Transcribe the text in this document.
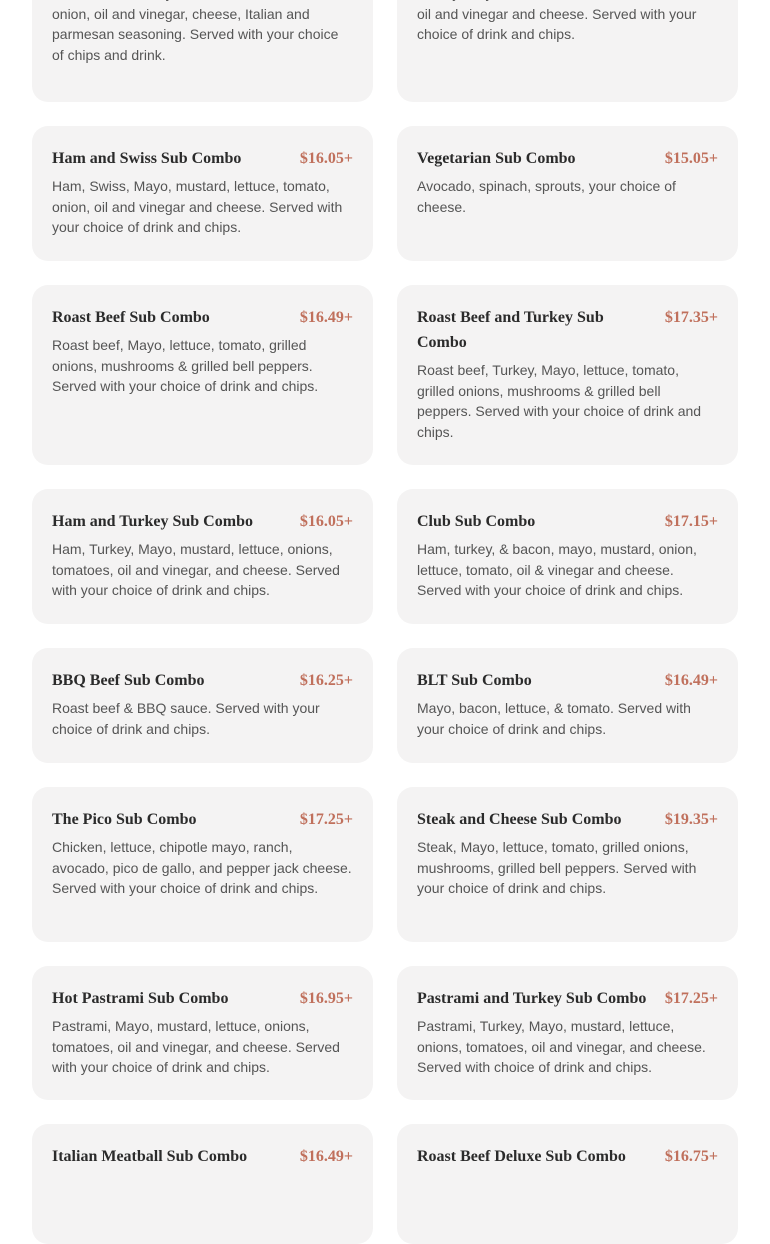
onion, oil and vinegar, cheese, Italian and parmesan seasoning. Served with your choice of chips and drink.

oil and vinegar and cheese. Served with your choice of drink and chips.

Ham and Swiss Sub Combo	$16.05+

Ham, Swiss, Mayo, mustard, lettuce, tomato, onion, oil and vinegar and cheese. Served with your choice of drink and chips.

Vegetarian Sub Combo	$15.05+

Avocado, spinach, sprouts, your choice of cheese.

Roast Beef Sub Combo	$16.49+

Roast beef, Mayo, lettuce, tomato, grilled onions, mushrooms & grilled bell peppers. Served with your choice of drink and chips.

Roast Beef and Turkey Sub Combo
$17.35+

Roast beef, Turkey, Mayo, lettuce, tomato, grilled onions, mushrooms & grilled bell peppers. Served with your choice of drink and chips.

Ham and Turkey Sub Combo	$16.05+

Ham, Turkey, Mayo, mustard, lettuce, onions, tomatoes, oil and vinegar, and cheese. Served with your choice of drink and chips.

Club Sub Combo	$17.15+

Ham, turkey, & bacon, mayo, mustard, onion, lettuce, tomato, oil & vinegar and cheese. Served with your choice of drink and chips.

BBQ Beef Sub Combo	$16.25+

Roast beef & BBQ sauce. Served with your choice of drink and chips.

BLT Sub Combo	$16.49+

Mayo, bacon, lettuce, & tomato. Served with your choice of drink and chips.

The Pico Sub Combo	$17.25+

Chicken, lettuce, chipotle mayo, ranch, avocado, pico de gallo, and pepper jack cheese. Served with your choice of drink and chips.

Steak and Cheese Sub Combo	$19.35+

Steak, Mayo, lettuce, tomato, grilled onions, mushrooms, grilled bell peppers. Served with your choice of drink and chips.

Hot Pastrami Sub Combo	$16.95+

Pastrami, Mayo, mustard, lettuce, onions, tomatoes, oil and vinegar, and cheese. Served with your choice of drink and chips.

Pastrami and Turkey Sub Combo $17.25+

Pastrami, Turkey, Mayo, mustard, lettuce, onions, tomatoes, oil and vinegar, and cheese. Served with choice of drink and chips.

Italian Meatball Sub Combo	$16.49+	Roast Beef Deluxe Sub Combo $16.75+
